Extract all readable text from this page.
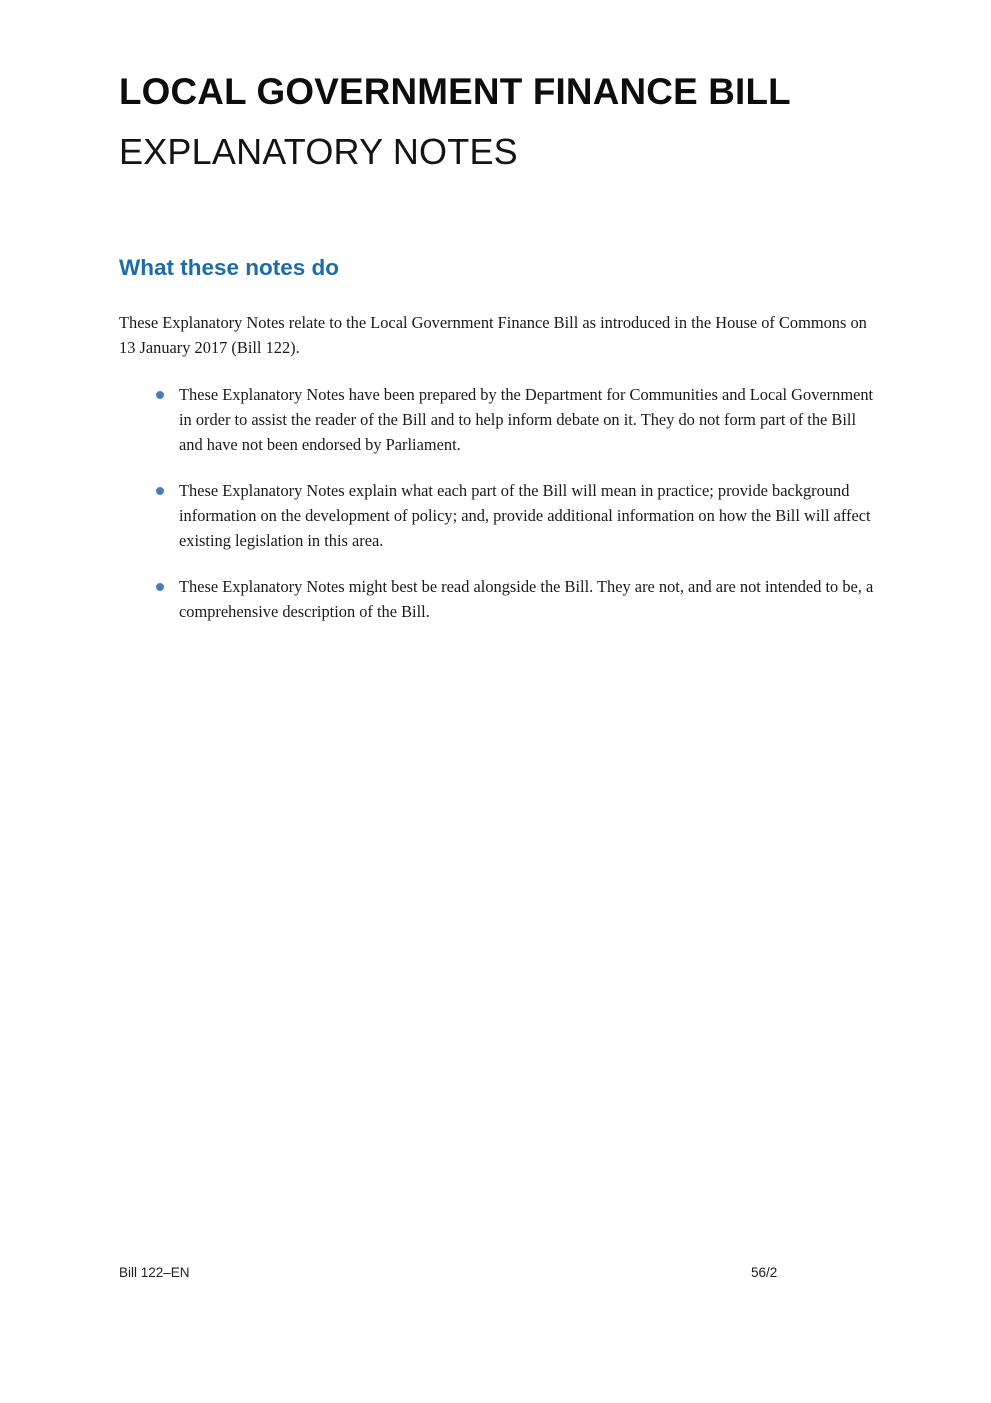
LOCAL GOVERNMENT FINANCE BILL
EXPLANATORY NOTES
What these notes do

These Explanatory Notes relate to the Local Government Finance Bill as introduced in the House of Commons on 13 January 2017 (Bill 122).

These Explanatory Notes have been prepared by the Department for Communities and Local Government in order to assist the reader of the Bill and to help inform debate on it. They do not form part of the Bill and have not been endorsed by Parliament.
These Explanatory Notes explain what each part of the Bill will mean in practice; provide background information on the development of policy; and, provide additional information on how the Bill will affect existing legislation in this area.
These Explanatory Notes might best be read alongside the Bill. They are not, and are not intended to be, a comprehensive description of the Bill.
Bill 122–EN	56/2
